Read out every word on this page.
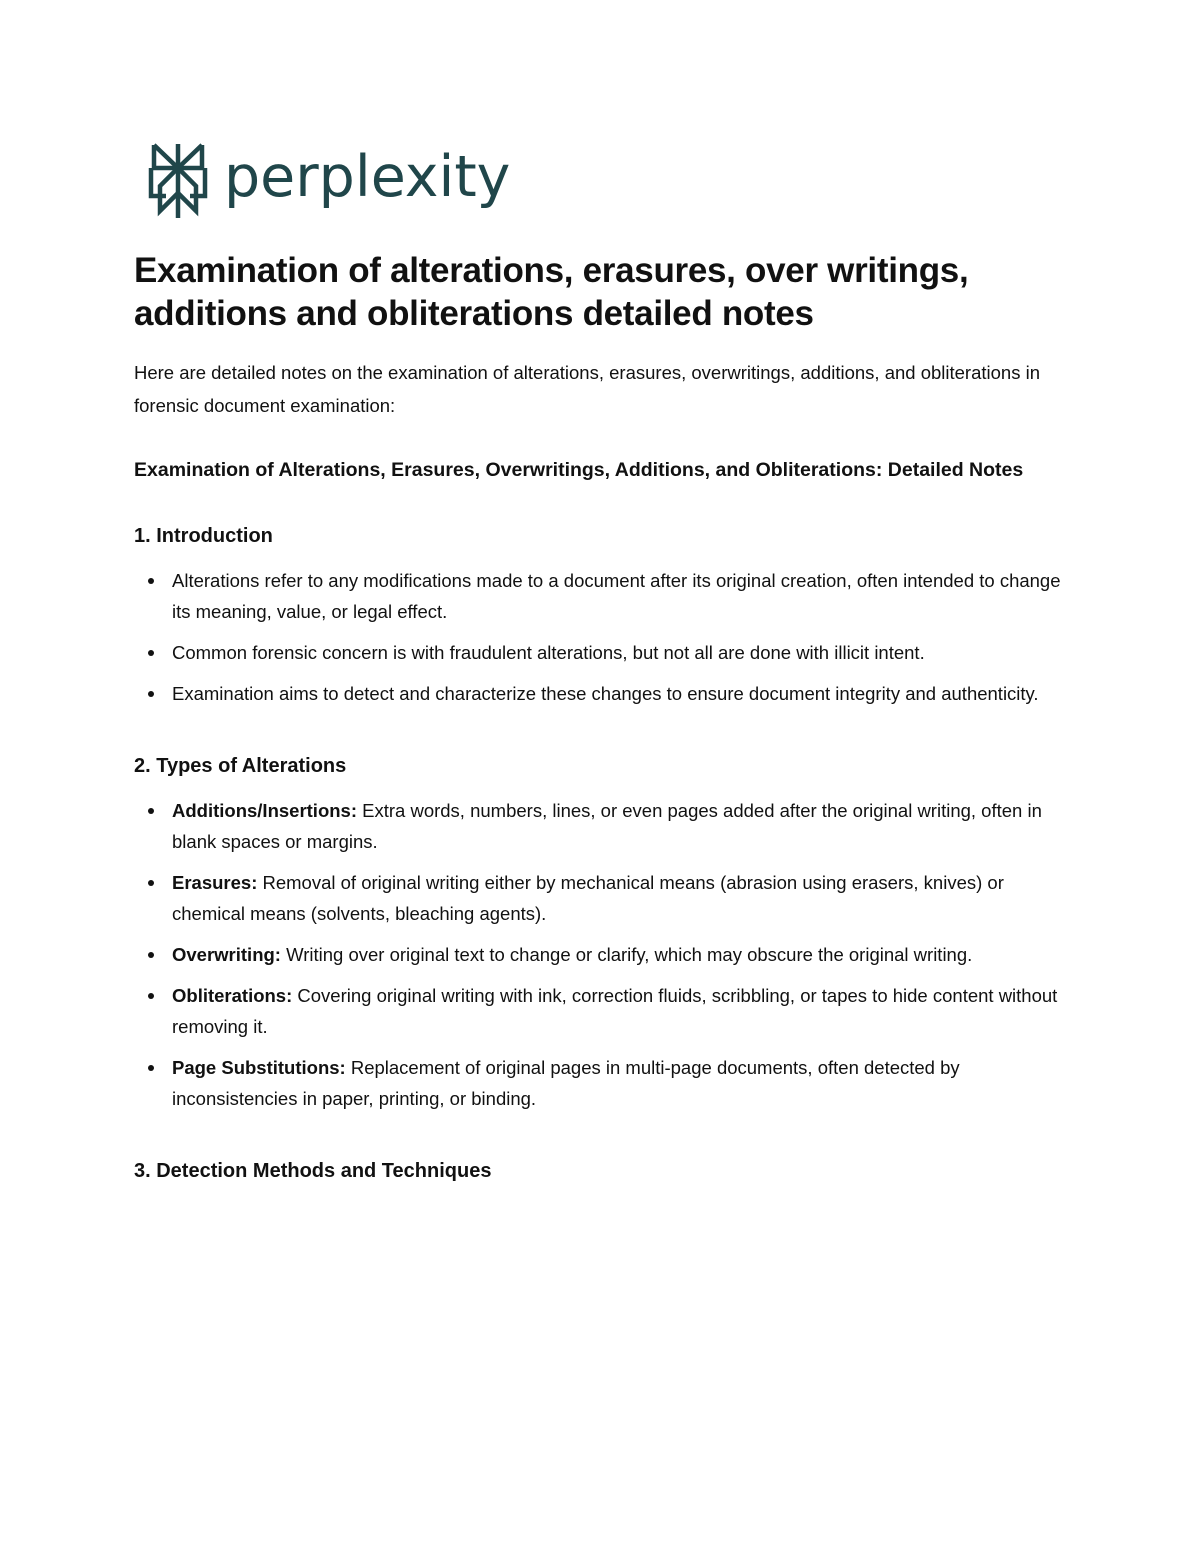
perplexity
Examination of alterations, erasures, over writings, additions and obliterations detailed notes

Here are detailed notes on the examination of alterations, erasures, overwritings, additions, and obliterations in forensic document examination:

Examination of Alterations, Erasures, Overwritings, Additions, and Obliterations: Detailed Notes

1. Introduction
Alterations refer to any modifications made to a document after its original creation, often intended to change its meaning, value, or legal effect.
Common forensic concern is with fraudulent alterations, but not all are done with illicit intent.
Examination aims to detect and characterize these changes to ensure document integrity and authenticity.
2. Types of Alterations
Additions/Insertions: Extra words, numbers, lines, or even pages added after the original writing, often in blank spaces or margins.
Erasures: Removal of original writing either by mechanical means (abrasion using erasers, knives) or chemical means (solvents, bleaching agents).
Overwriting: Writing over original text to change or clarify, which may obscure the original writing.
Obliterations: Covering original writing with ink, correction fluids, scribbling, or tapes to hide content without removing it.
Page Substitutions: Replacement of original pages in multi-page documents, often detected by inconsistencies in paper, printing, or binding.
3. Detection Methods and Techniques
